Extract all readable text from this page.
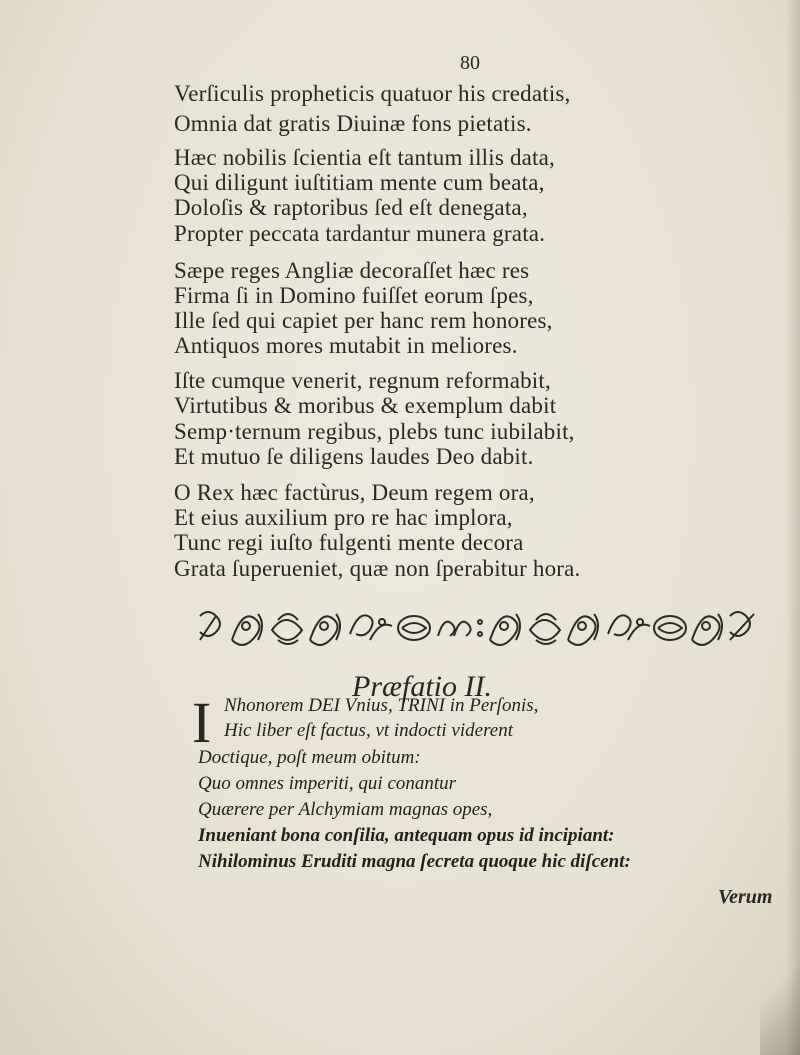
80
Verſiculis propheticis quatuor his credatis,
Omnia dat gratis Diuinæ fons pietatis.
Hæc nobilis ſcientia eſt tantum illis data,
Qui diligunt iuſtitiam mente cum beata,
Doloſis & raptoribus ſed eſt denegata,
Propter peccata tardantur munera grata.
Sæpe reges Angliæ decoraſſet hæc res
Firma ſi in Domino fuiſſet eorum ſpes,
Ille ſed qui capiet per hanc rem honores,
Antiquos mores mutabit in meliores.
Iſte cumque venerit, regnum reformabit,
Virtutibus & moribus & exemplum dabit
Semp·ternum regibus, plebs tunc iubilabit,
Et mutuo ſe diligens laudes Deo dabit.
O Rex hæc factùrus, Deum regem ora,
Et eius auxilium pro re hac implora,
Tunc regi iuſto fulgenti mente decora
Grata ſuperueniet, quæ non ſperabitur hora.
Præfatio II.
I Nhonorem DEI Vnius, TRINI in Perſonis,
Hic liber eſt factus, vt indocti viderent
Doctique, poſt meum obitum:
Quo omnes imperiti, qui conantur
Quærere per Alchymiam magnas opes,
Inueniant bona conſilia, antequam opus id incipiant:
Nihilominus Eruditi magna ſecreta quoque hic diſcent:
Verum
